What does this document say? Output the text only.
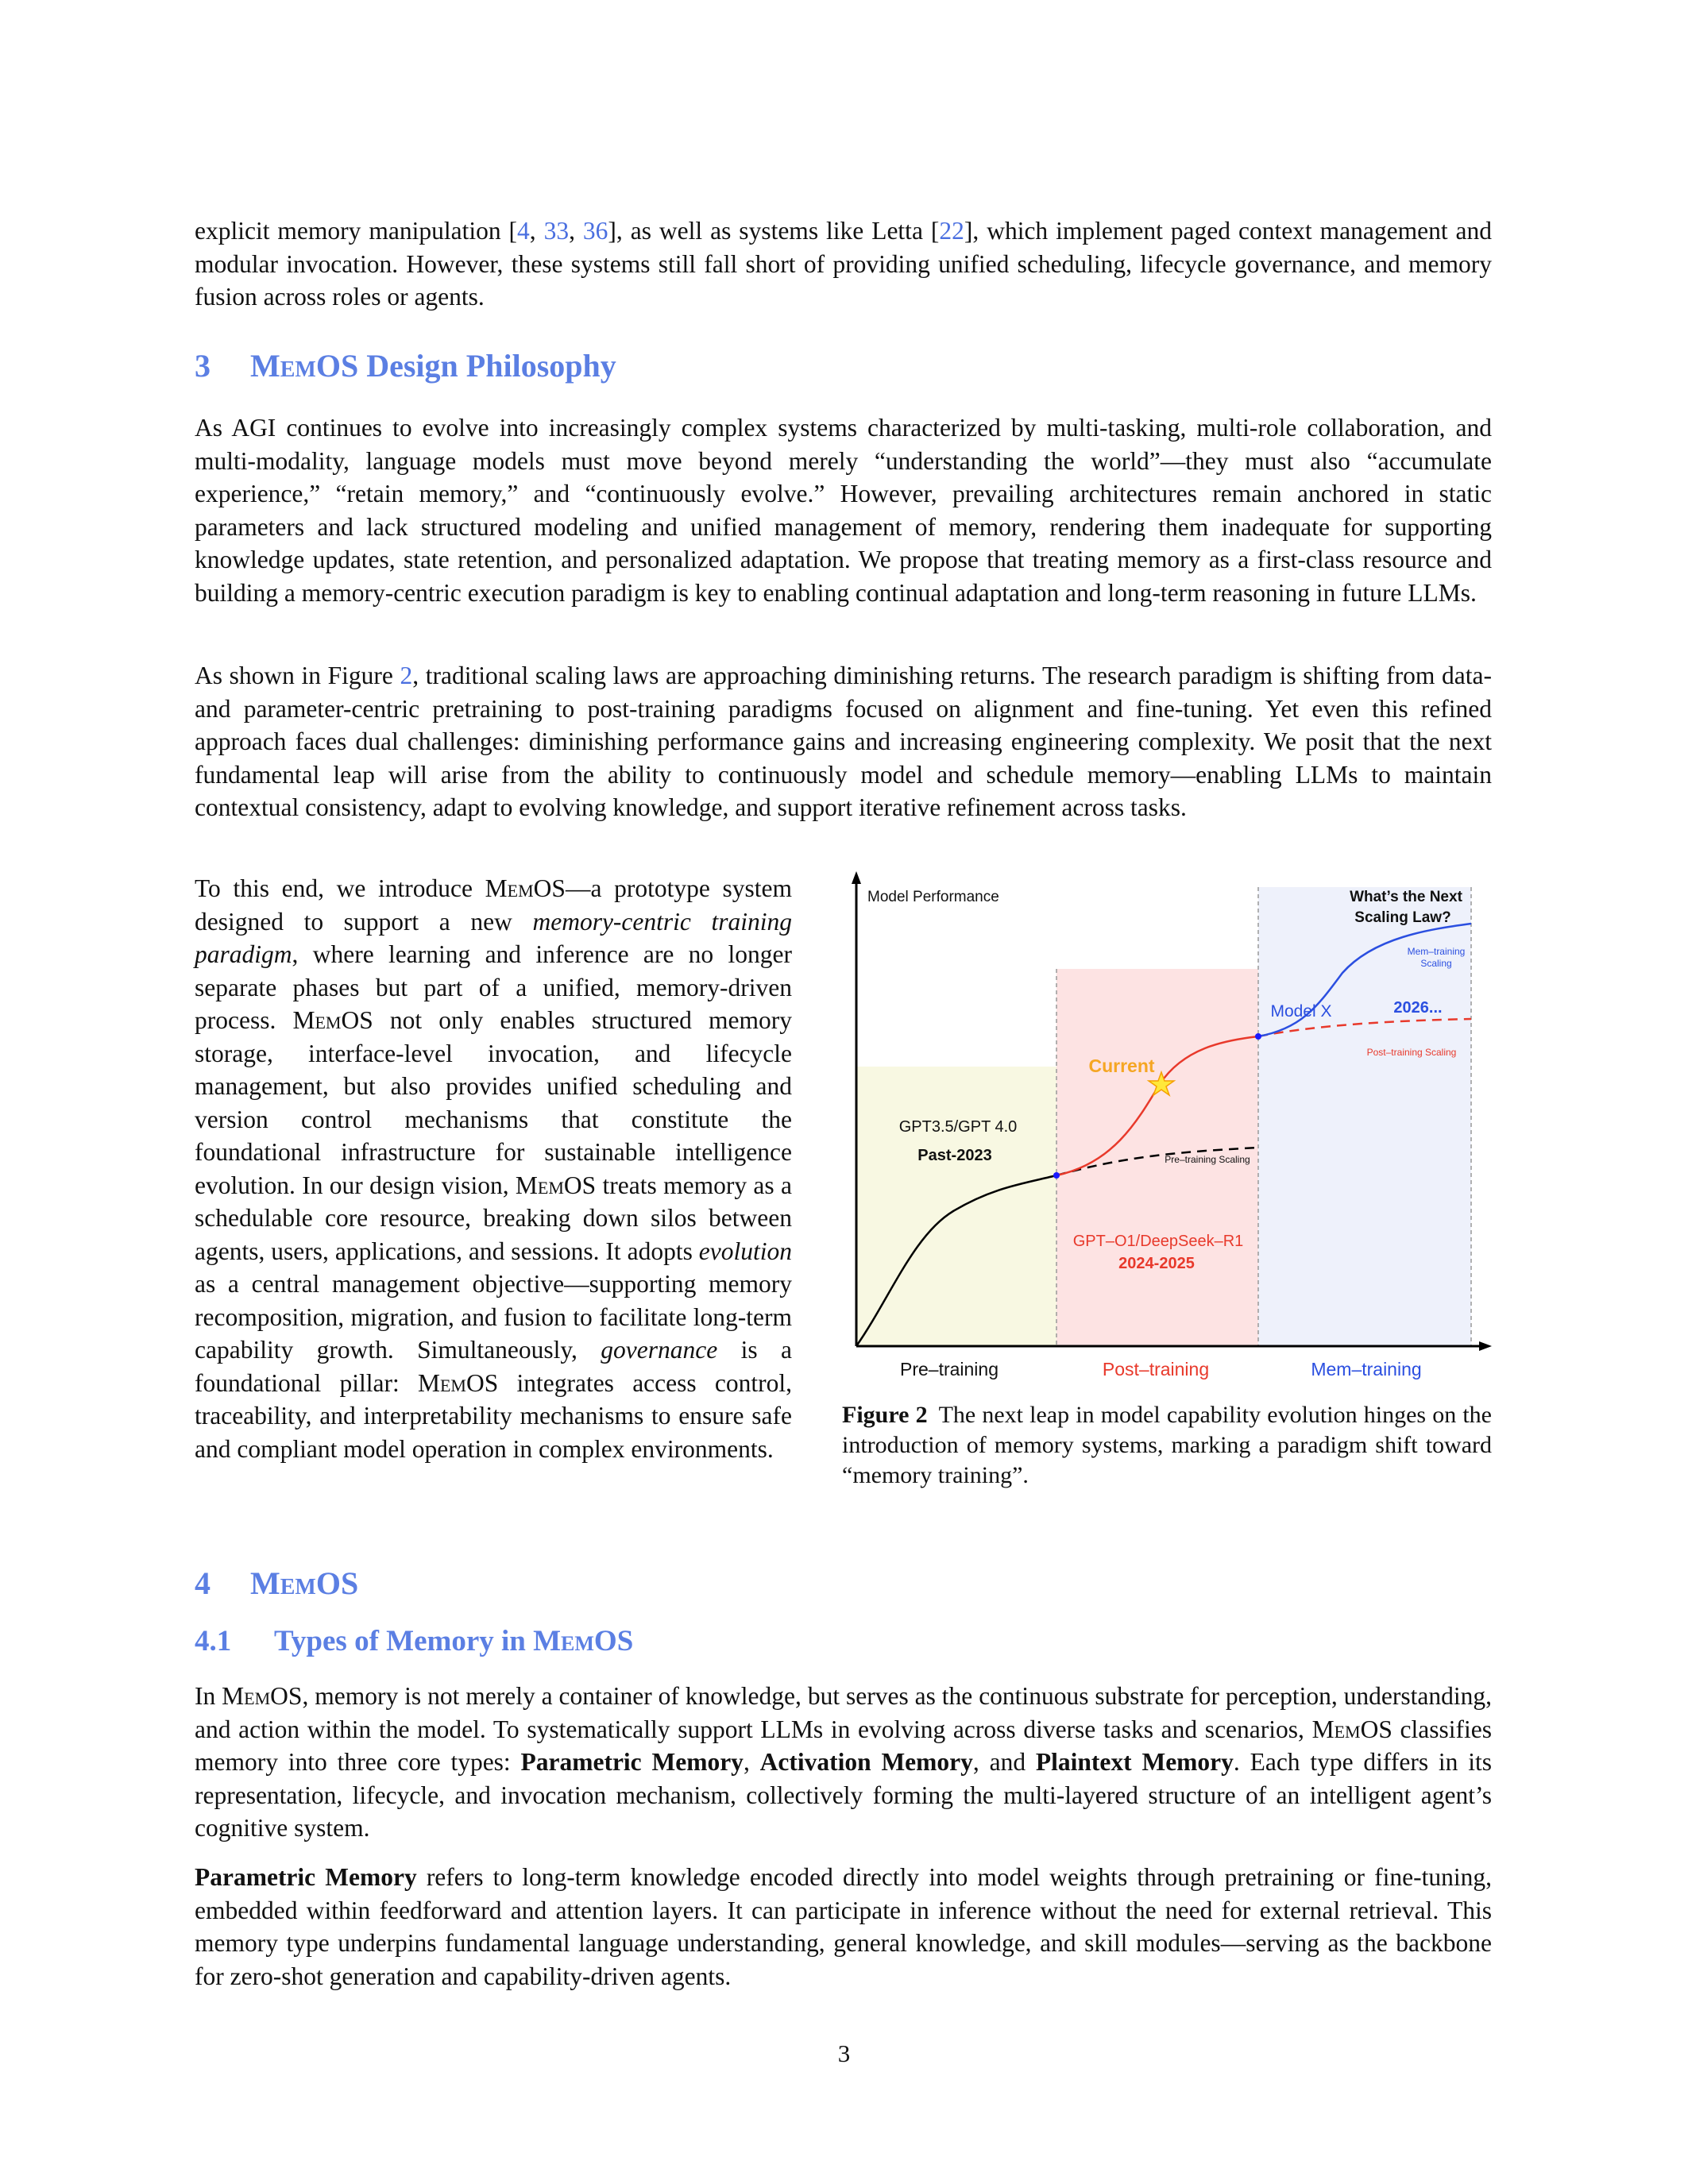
explicit memory manipulation [4, 33, 36], as well as systems like Letta [22], which implement paged context management and modular invocation. However, these systems still fall short of providing unified scheduling, lifecycle governance, and memory fusion across roles or agents.

3 MemOS Design Philosophy

As AGI continues to evolve into increasingly complex systems characterized by multi-tasking, multi-role collaboration, and multi-modality, language models must move beyond merely “understanding the world”—they must also “accumulate experience,” “retain memory,” and “continuously evolve.” However, prevailing architectures remain anchored in static parameters and lack structured modeling and unified management of memory, rendering them inadequate for supporting knowledge updates, state retention, and personalized adaptation. We propose that treating memory as a first-class resource and building a memory-centric execution paradigm is key to enabling continual adaptation and long-term reasoning in future LLMs.

As shown in Figure 2, traditional scaling laws are approaching diminishing returns. The research paradigm is shifting from data- and parameter-centric pretraining to post-training paradigms focused on alignment and fine-tuning. Yet even this refined approach faces dual challenges: diminishing performance gains and increasing engineering complexity. We posit that the next fundamental leap will arise from the ability to continuously model and schedule memory—enabling LLMs to maintain contextual consistency, adapt to evolving knowledge, and support iterative refinement across tasks.

To this end, we introduce MemOS—a prototype system designed to support a new memory-centric training paradigm, where learning and inference are no longer separate phases but part of a unified, memory-driven process. MemOS not only enables structured memory storage, interface-level invocation, and lifecycle management, but also provides unified scheduling and version control mechanisms that constitute the foundational infrastructure for sustainable intelligence evolution. In our design vision, MemOS treats memory as a schedulable core resource, breaking down silos between agents, users, applications, and sessions. It adopts evolution as a central management objective—supporting memory recomposition, migration, and fusion to facilitate long-term capability growth. Simultaneously, governance is a foundational pillar: MemOS integrates access control, traceability, and interpretability mechanisms to ensure safe and compliant model operation in complex environments.

Model Performance	What’s the Next
Scaling Law?
Mem–training
Scaling
Model X	2026...
Post–training Scaling
Current
GPT3.5/GPT 4.0
Past-2023	Pre–training Scaling
GPT–O1/DeepSeek–R1
2024-2025
Pre–training	Post–training	Mem–training
Figure 2 The next leap in model capability evolution hinges on the introduction of memory systems, marking a paradigm shift toward “memory training”.
4 MemOS
4.1 Types of Memory in MemOS

In MemOS, memory is not merely a container of knowledge, but serves as the continuous substrate for perception, understanding, and action within the model. To systematically support LLMs in evolving across diverse tasks and scenarios, MemOS classifies memory into three core types: Parametric Memory, Activation Memory, and Plaintext Memory. Each type differs in its representation, lifecycle, and invocation mechanism, collectively forming the multi-layered structure of an intelligent agent’s cognitive system.

Parametric Memory refers to long-term knowledge encoded directly into model weights through pretraining or fine-tuning, embedded within feedforward and attention layers. It can participate in inference without the need for external retrieval. This memory type underpins fundamental language understanding, general knowledge, and skill modules—serving as the backbone for zero-shot generation and capability-driven agents.

3
